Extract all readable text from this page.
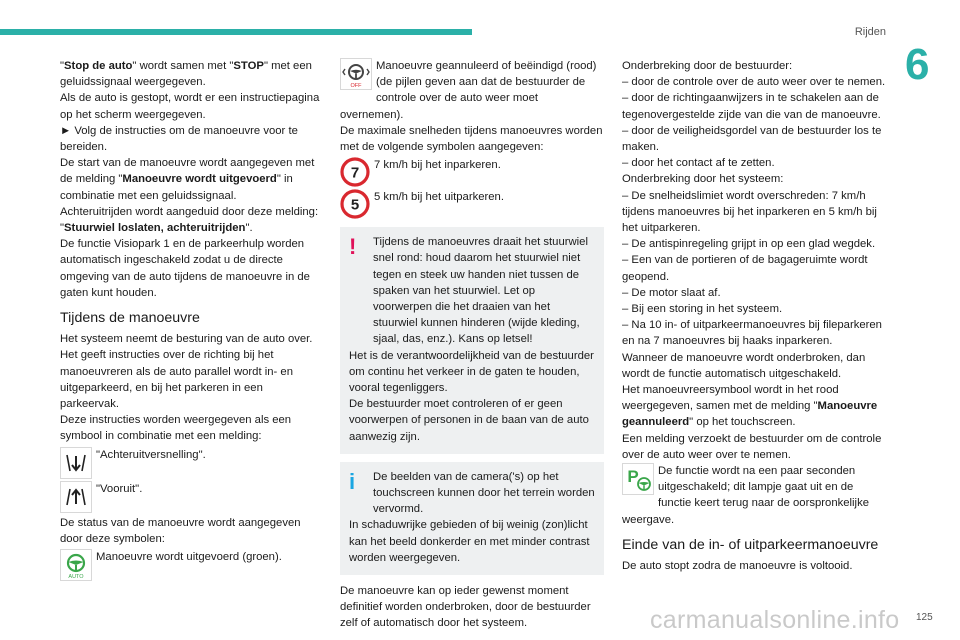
Rijden
6

"Stop de auto" wordt samen met "STOP" met een geluidssignaal weergegeven.

Als de auto is gestopt, wordt er een instructiepagina op het scherm weergegeven.

► Volg de instructies om de manoeuvre voor te bereiden.

De start van de manoeuvre wordt aangegeven met de melding "Manoeuvre wordt uitgevoerd" in combinatie met een geluidssignaal.

Achteruitrijden wordt aangeduid door deze melding: "Stuurwiel loslaten, achteruitrijden".

De functie Visiopark 1 en de parkeerhulp worden automatisch ingeschakeld zodat u de directe omgeving van de auto tijdens de manoeuvre in de gaten kunt houden.

Tijdens de manoeuvre

Het systeem neemt de besturing van de auto over. Het geeft instructies over de richting bij het manoeuvreren als de auto parallel wordt in- en uitgeparkeerd, en bij het parkeren in een parkeervak.

Deze instructies worden weergegeven als een symbool in combinatie met een melding:

"Achteruitversnelling".
"Vooruit".

De status van de manoeuvre wordt aangegeven door deze symbolen:

AUTO
Manoeuvre wordt uitgevoerd (groen).
OFF
Manoeuvre geannuleerd of beëindigd (rood) (de pijlen geven aan dat de bestuurder de controle over de auto weer moet overnemen).

De maximale snelheden tijdens manoeuvres worden met de volgende symbolen aangegeven:

7 7 km/h bij het inparkeren.
5 5 km/h bij het uitparkeren.
!	Tijdens de manoeuvres draait het stuurwiel snel rond: houd daarom het stuurwiel niet tegen en steek uw handen niet tussen de spaken van het stuurwiel. Let op voorwerpen die het draaien van het stuurwiel kunnen hinderen (wijde kleding, sjaal, das, enz.). Kans op letsel!

Het is de verantwoordelijkheid van de bestuurder om continu het verkeer in de gaten te houden, vooral tegenliggers.

De bestuurder moet controleren of er geen voorwerpen of personen in de baan van de auto aanwezig zijn.

i	De beelden van de camera('s) op het touchscreen kunnen door het terrein worden vervormd.

In schaduwrijke gebieden of bij weinig (zon)licht kan het beeld donkerder en met minder contrast worden weergegeven.

De manoeuvre kan op ieder gewenst moment definitief worden onderbroken, door de bestuurder zelf of automatisch door het systeem.

Onderbreking door de bestuurder:

– door de controle over de auto weer over te nemen.

– door de richtingaanwijzers in te schakelen aan de tegenovergestelde zijde van die van de manoeuvre.

– door de veiligheidsgordel van de bestuurder los te maken.

– door het contact af te zetten.

Onderbreking door het systeem:

– De snelheidslimiet wordt overschreden: 7 km/h tijdens manoeuvres bij het inparkeren en 5 km/h bij het uitparkeren.

– De antispinregeling grijpt in op een glad wegdek.

– Een van de portieren of de bagageruimte wordt geopend.

– De motor slaat af.

– Bij een storing in het systeem.

– Na 10 in- of uitparkeermanoeuvres bij fileparkeren en na 7 manoeuvres bij haaks inparkeren.

Wanneer de manoeuvre wordt onderbroken, dan wordt de functie automatisch uitgeschakeld.

Het manoeuvreersymbool wordt in het rood weergegeven, samen met de melding "Manoeuvre geannuleerd" op het touchscreen.

Een melding verzoekt de bestuurder om de controle over de auto weer over te nemen.

P De functie wordt na een paar seconden uitgeschakeld; dit lampje gaat uit en de functie keert terug naar de oorspronkelijke weergave.
Einde van de in- of uitparkeermanoeuvre

De auto stopt zodra de manoeuvre is voltooid.

125
carmanualsonline.info
